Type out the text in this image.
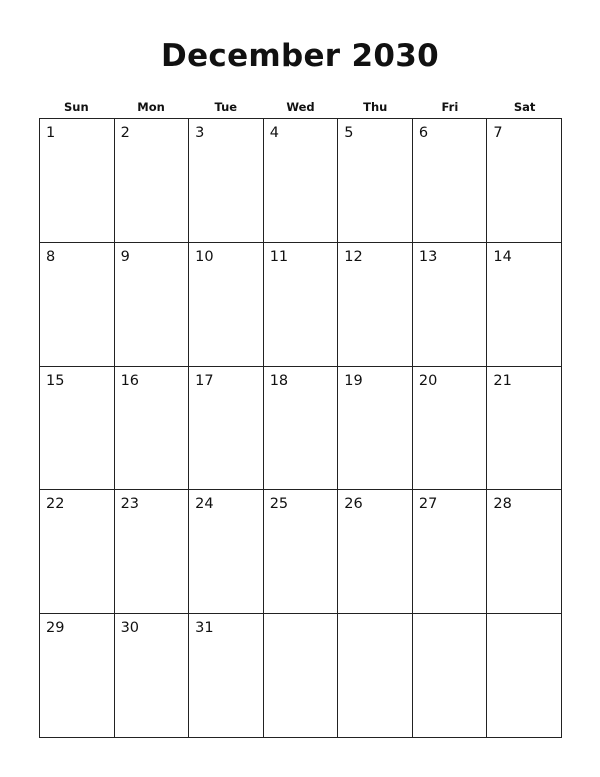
December 2030
Sun	Mon	Tue	Wed	Thu	Fri	Sat
1	2	3	4	5	6	7
8	9	10	11	12	13	14
15	16	17	18	19	20	21
22	23	24	25	26	27	28
29	30	31
